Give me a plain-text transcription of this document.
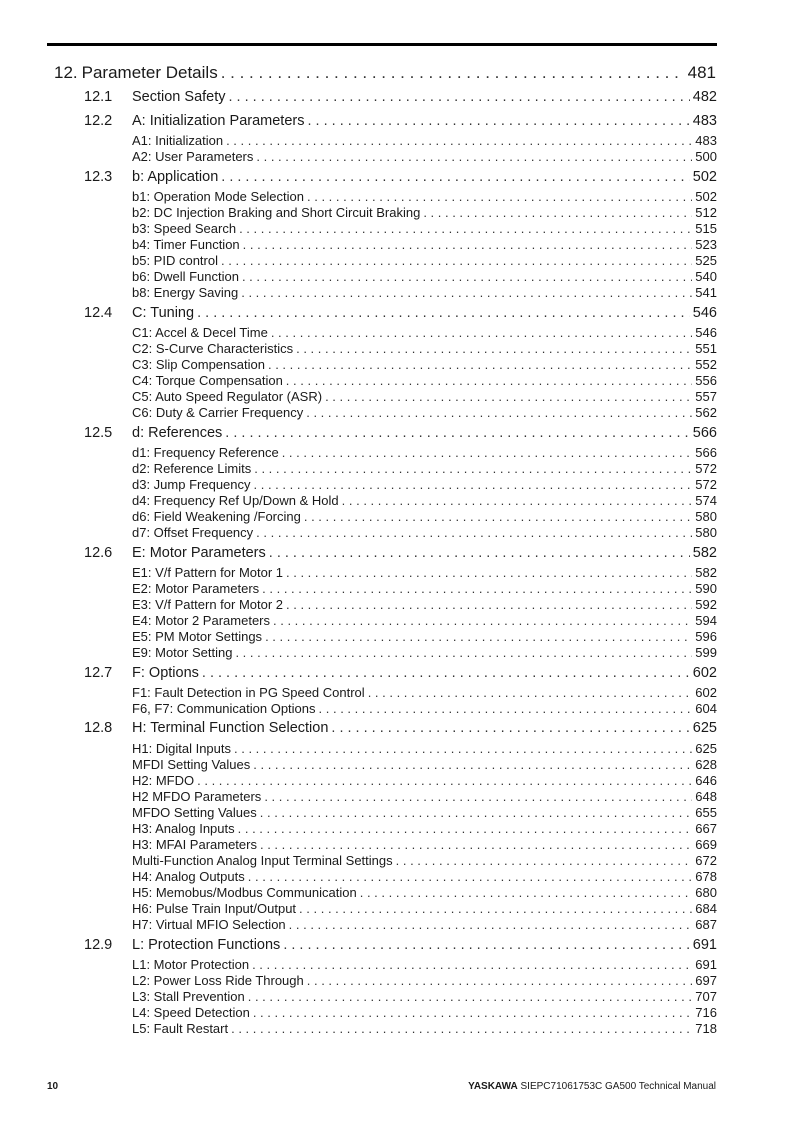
12. Parameter Details . . .	481
12.1	Section Safety . . .	482
12.2	A: Initialization Parameters . . .	483
A1: Initialization . . .	483
A2: User Parameters . . .	500
12.3	b: Application . . .	502
b1: Operation Mode Selection . . .	502
b2: DC Injection Braking and Short Circuit Braking . . .	512
b3: Speed Search . . .	515
b4: Timer Function . . .	523
b5: PID control . . .	525
b6: Dwell Function . . .	540
b8: Energy Saving . . .	541
12.4	C: Tuning . . .	546
C1: Accel & Decel Time . . .	546
C2: S-Curve Characteristics . . .	551
C3: Slip Compensation . . .	552
C4: Torque Compensation . . .	556
C5: Auto Speed Regulator (ASR) . . .	557
C6: Duty & Carrier Frequency . . .	562
12.5	d: References . . .	566
d1: Frequency Reference . . .	566
d2: Reference Limits . . .	572
d3: Jump Frequency . . .	572
d4: Frequency Ref Up/Down & Hold . . .	574
d6: Field Weakening /Forcing . . .	580
d7: Offset Frequency . . .	580
12.6	E: Motor Parameters . . .	582
E1: V/f Pattern for Motor 1 . . .	582
E2: Motor Parameters . . .	590
E3: V/f Pattern for Motor 2 . . .	592
E4: Motor 2 Parameters . . .	594
E5: PM Motor Settings . . .	596
E9: Motor Setting . . .	599
12.7	F: Options . . .	602
F1: Fault Detection in PG Speed Control . . .	602
F6, F7: Communication Options . . .	604
12.8	H: Terminal Function Selection . . .	625
H1: Digital Inputs . . .	625
MFDI Setting Values . . .	628
H2: MFDO . . .	646
H2 MFDO Parameters . . .	648
MFDO Setting Values . . .	655
H3: Analog Inputs . . .	667
H3: MFAI Parameters . . .	669
Multi-Function Analog Input Terminal Settings . . .	672
H4: Analog Outputs . . .	678
H5: Memobus/Modbus Communication . . .	680
H6: Pulse Train Input/Output . . .	684
H7: Virtual MFIO Selection . . .	687
12.9	L: Protection Functions . . .	691
L1: Motor Protection . . .	691
L2: Power Loss Ride Through . . .	697
L3: Stall Prevention . . .	707
L4: Speed Detection . . .	716
L5: Fault Restart . . .	718
10	YASKAWA SIEPC71061753C GA500 Technical Manual
